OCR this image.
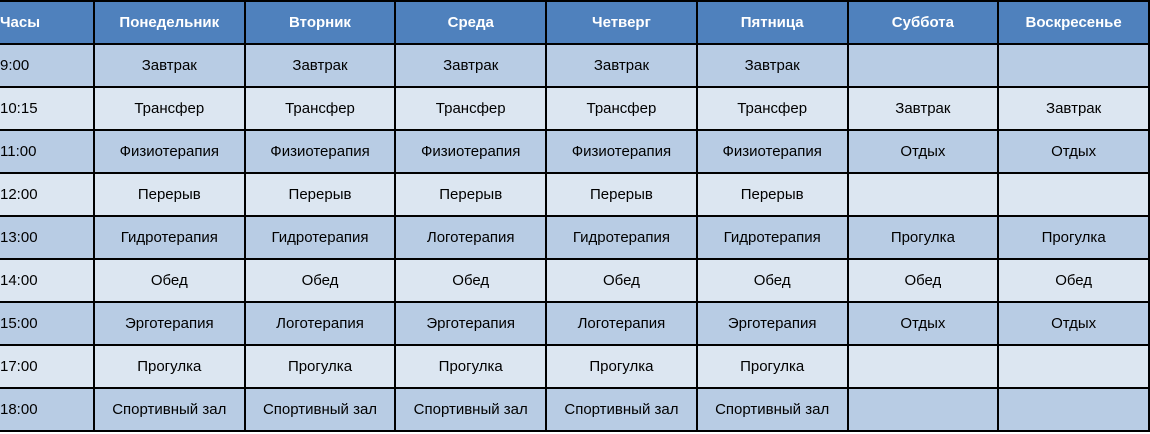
Часы	Понедельник	Вторник	Среда	Четверг	Пятница	Суббота	Воскресенье
9:00	Завтрак	Завтрак	Завтрак	Завтрак	Завтрак		
10:15	Трансфер	Трансфер	Трансфер	Трансфер	Трансфер	Завтрак	Завтрак
11:00	Физиотерапия	Физиотерапия	Физиотерапия	Физиотерапия	Физиотерапия	Отдых	Отдых
12:00	Перерыв	Перерыв	Перерыв	Перерыв	Перерыв		
13:00	Гидротерапия	Гидротерапия	Логотерапия	Гидротерапия	Гидротерапия	Прогулка	Прогулка
14:00	Обед	Обед	Обед	Обед	Обед	Обед	Обед
15:00	Эрготерапия	Логотерапия	Эрготерапия	Логотерапия	Эрготерапия	Отдых	Отдых
17:00	Прогулка	Прогулка	Прогулка	Прогулка	Прогулка		
18:00	Спортивный зал	Спортивный зал	Спортивный зал	Спортивный зал	Спортивный зал		
